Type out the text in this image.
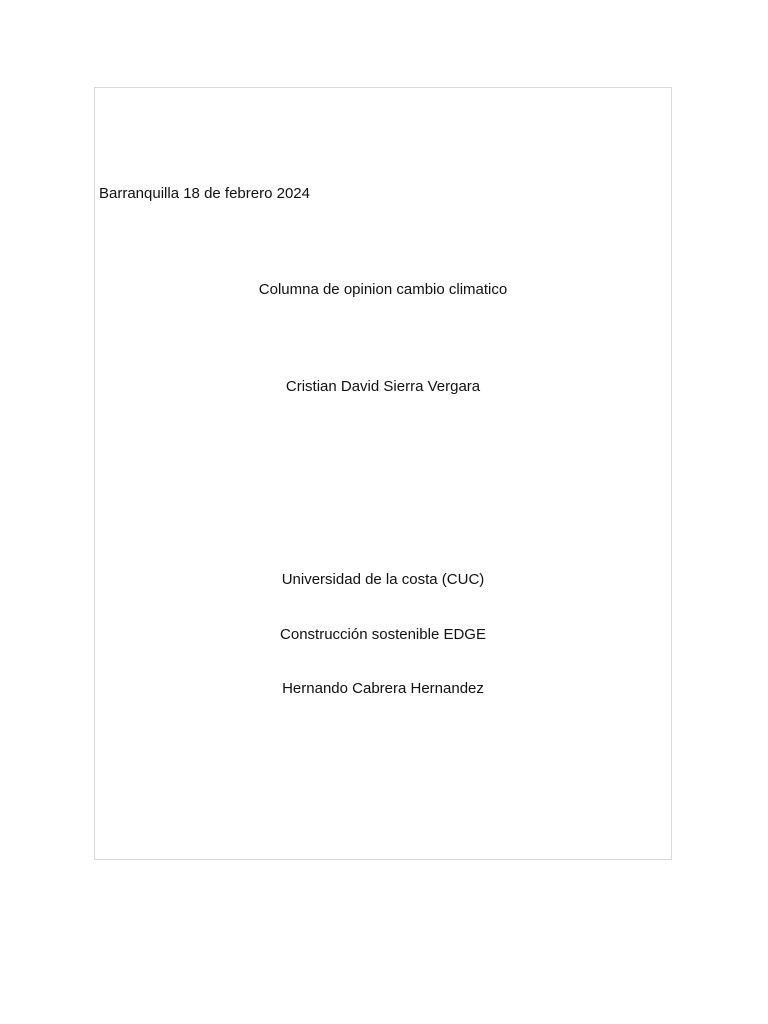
Barranquilla 18 de febrero 2024
Columna de opinion cambio climatico
Cristian David Sierra Vergara
Universidad de la costa (CUC)
Construcción sostenible EDGE
Hernando Cabrera Hernandez
